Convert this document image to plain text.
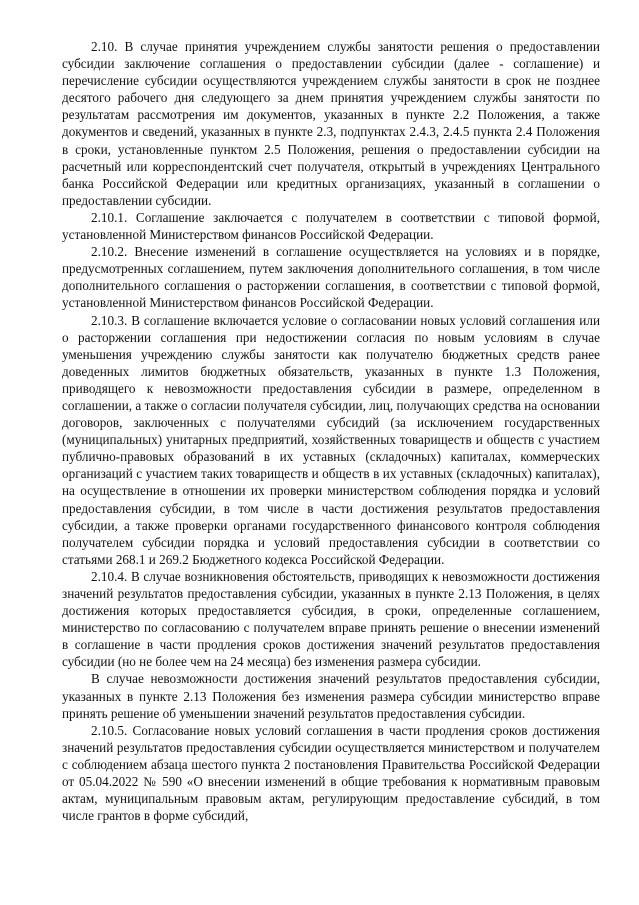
2.10. В случае принятия учреждением службы занятости решения о предоставлении субсидии заключение соглашения о предоставлении субсидии (далее - соглашение) и перечисление субсидии осуществляются учреждением службы занятости в срок не позднее десятого рабочего дня следующего за днем принятия учреждением службы занятости по результатам рассмотрения им документов, указанных в пункте 2.2 Положения, а также документов и сведений, указанных в пункте 2.3, подпунктах 2.4.3, 2.4.5 пункта 2.4 Положения в сроки, установленные пунктом 2.5 Положения, решения о предоставлении субсидии на расчетный или корреспондентский счет получателя, открытый в учреждениях Центрального банка Российской Федерации или кредитных организациях, указанный в соглашении о предоставлении субсидии.

2.10.1. Соглашение заключается с получателем в соответствии с типовой формой, установленной Министерством финансов Российской Федерации.

2.10.2. Внесение изменений в соглашение осуществляется на условиях и в порядке, предусмотренных соглашением, путем заключения дополнительного соглашения, в том числе дополнительного соглашения о расторжении соглашения, в соответствии с типовой формой, установленной Министерством финансов Российской Федерации.

2.10.3. В соглашение включается условие о согласовании новых условий соглашения или о расторжении соглашения при недостижении согласия по новым условиям в случае уменьшения учреждению службы занятости как получателю бюджетных средств ранее доведенных лимитов бюджетных обязательств, указанных в пункте 1.3 Положения, приводящего к невозможности предоставления субсидии в размере, определенном в соглашении, а также о согласии получателя субсидии, лиц, получающих средства на основании договоров, заключенных с получателями субсидий (за исключением государственных (муниципальных) унитарных предприятий, хозяйственных товариществ и обществ с участием публично-правовых образований в их уставных (складочных) капиталах, коммерческих организаций с участием таких товариществ и обществ в их уставных (складочных) капиталах), на осуществление в отношении их проверки министерством соблюдения порядка и условий предоставления субсидии, в том числе в части достижения результатов предоставления субсидии, а также проверки органами государственного финансового контроля соблюдения получателем субсидии порядка и условий предоставления субсидии в соответствии со статьями 268.1 и 269.2 Бюджетного кодекса Российской Федерации.

2.10.4. В случае возникновения обстоятельств, приводящих к невозможности достижения значений результатов предоставления субсидии, указанных в пункте 2.13 Положения, в целях достижения которых предоставляется субсидия, в сроки, определенные соглашением, министерство по согласованию с получателем вправе принять решение о внесении изменений в соглашение в части продления сроков достижения значений результатов предоставления субсидии (но не более чем на 24 месяца) без изменения размера субсидии.

В случае невозможности достижения значений результатов предоставления субсидии, указанных в пункте 2.13 Положения без изменения размера субсидии министерство вправе принять решение об уменьшении значений результатов предоставления субсидии.

2.10.5. Согласование новых условий соглашения в части продления сроков достижения значений результатов предоставления субсидии осуществляется министерством и получателем с соблюдением абзаца шестого пункта 2 постановления Правительства Российской Федерации от 05.04.2022 № 590 «О внесении изменений в общие требования к нормативным правовым актам, муниципальным правовым актам, регулирующим предоставление субсидий, в том числе грантов в форме субсидий,
